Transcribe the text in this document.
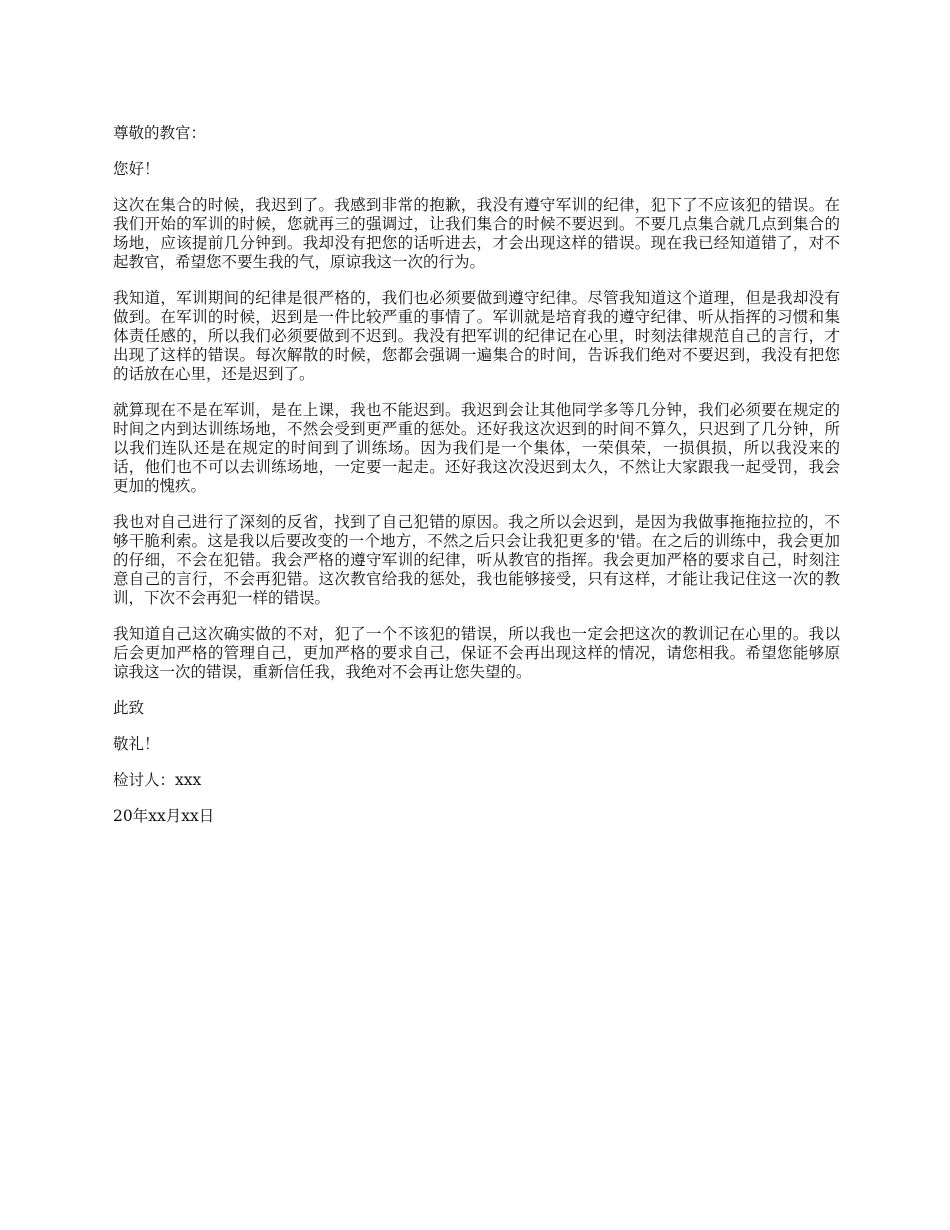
尊敬的教官：

您好！

这次在集合的时候，我迟到了。我感到非常的抱歉，我没有遵守军训的纪律，犯下了不应该犯的错误。在我们开始的军训的时候，您就再三的强调过，让我们集合的时候不要迟到。不要几点集合就几点到集合的场地，应该提前几分钟到。我却没有把您的话听进去，才会出现这样的错误。现在我已经知道错了，对不起教官，希望您不要生我的气，原谅我这一次的行为。

我知道，军训期间的纪律是很严格的，我们也必须要做到遵守纪律。尽管我知道这个道理，但是我却没有做到。在军训的时候，迟到是一件比较严重的事情了。军训就是培育我的遵守纪律、听从指挥的习惯和集体责任感的，所以我们必须要做到不迟到。我没有把军训的纪律记在心里，时刻法律规范自己的言行，才出现了这样的错误。每次解散的时候，您都会强调一遍集合的时间，告诉我们绝对不要迟到，我没有把您的话放在心里，还是迟到了。

就算现在不是在军训，是在上课，我也不能迟到。我迟到会让其他同学多等几分钟，我们必须要在规定的时间之内到达训练场地，不然会受到更严重的惩处。还好我这次迟到的时间不算久，只迟到了几分钟，所以我们连队还是在规定的时间到了训练场。因为我们是一个集体，一荣俱荣，一损俱损，所以我没来的话，他们也不可以去训练场地，一定要一起走。还好我这次没迟到太久，不然让大家跟我一起受罚，我会更加的愧疚。

我也对自己进行了深刻的反省，找到了自己犯错的原因。我之所以会迟到，是因为我做事拖拖拉拉的，不够干脆利索。这是我以后要改变的一个地方，不然之后只会让我犯更多的'错。在之后的训练中，我会更加的仔细，不会在犯错。我会严格的遵守军训的纪律，听从教官的指挥。我会更加严格的要求自己，时刻注意自己的言行，不会再犯错。这次教官给我的惩处，我也能够接受，只有这样，才能让我记住这一次的教训，下次不会再犯一样的错误。

我知道自己这次确实做的不对，犯了一个不该犯的错误，所以我也一定会把这次的教训记在心里的。我以后会更加严格的管理自己，更加严格的要求自己，保证不会再出现这样的情况，请您相我。希望您能够原谅我这一次的错误，重新信任我，我绝对不会再让您失望的。

此致

敬礼！

检讨人：xxx

20年xx月xx日
